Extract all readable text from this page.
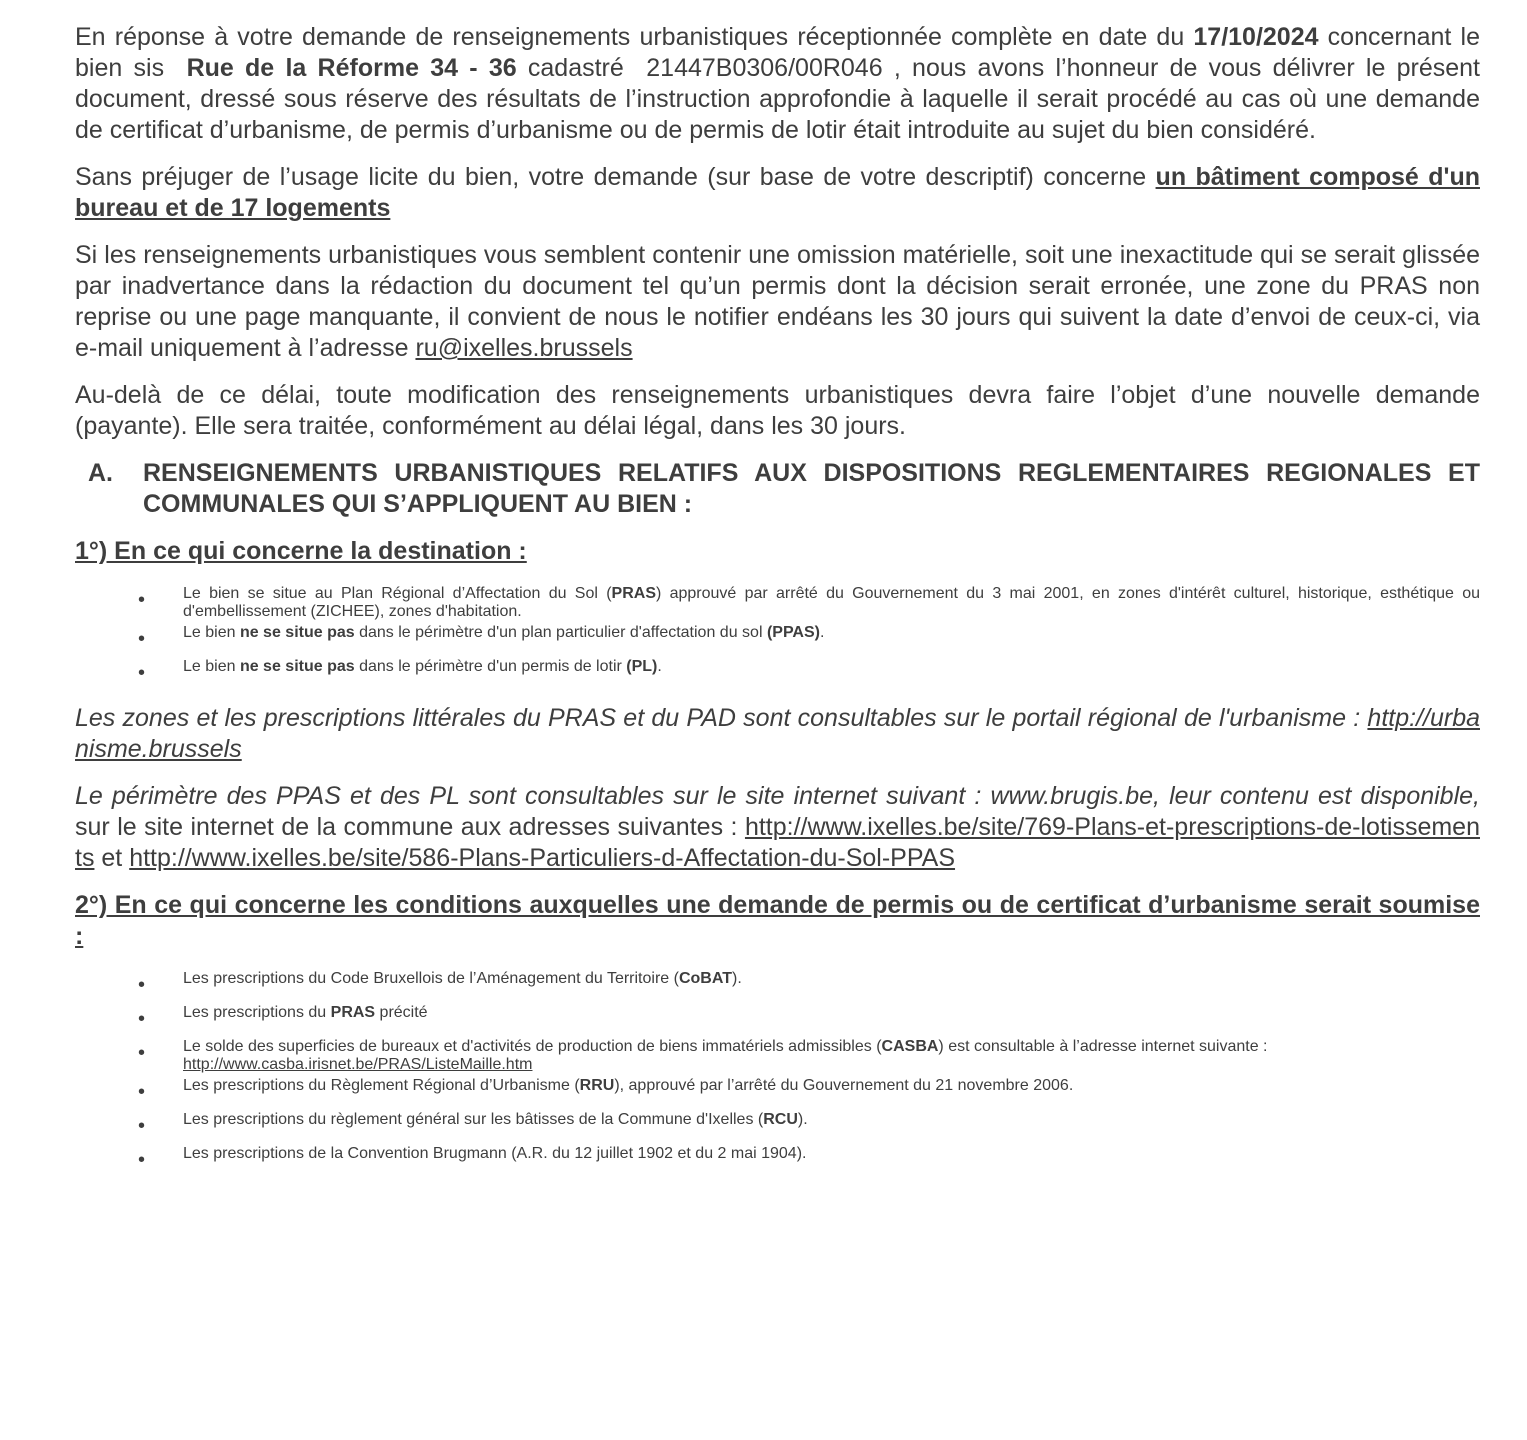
En réponse à votre demande de renseignements urbanistiques réceptionnée complète en date du 17/10/2024 concernant le bien sis  Rue de la Réforme 34 - 36 cadastré  21447B0306/00R046 , nous avons l’honneur de vous délivrer le présent document, dressé sous réserve des résultats de l’instruction approfondie à laquelle il serait procédé au cas où une demande de certificat d’urbanisme, de permis d’urbanisme ou de permis de lotir était introduite au sujet du bien considéré.

Sans préjuger de l’usage licite du bien, votre demande (sur base de votre descriptif) concerne un bâtiment composé d'un bureau et de 17 logements

Si les renseignements urbanistiques vous semblent contenir une omission matérielle, soit une inexactitude qui se serait glissée par inadvertance dans la rédaction du document tel qu’un permis dont la décision serait erronée, une zone du PRAS non reprise ou une page manquante, il convient de nous le notifier endéans les 30 jours qui suivent la date d’envoi de ceux-ci, via e-mail uniquement à l’adresse ru@ixelles.brussels

Au-delà de ce délai, toute modification des renseignements urbanistiques devra faire l’objet d’une nouvelle demande (payante). Elle sera traitée, conformément au délai légal, dans les 30 jours.

A.	RENSEIGNEMENTS URBANISTIQUES RELATIFS AUX DISPOSITIONS REGLEMENTAIRES REGIONALES ET COMMUNALES QUI S’APPLIQUENT AU BIEN :

1°) En ce qui concerne la destination :

•	Le bien se situe au Plan Régional d’Affectation du Sol (PRAS) approuvé par arrêté du Gouvernement du 3 mai 2001, en zones d'intérêt culturel, historique, esthétique ou d'embellissement (ZICHEE), zones d'habitation.
•	Le bien ne se situe pas dans le périmètre d'un plan particulier d'affectation du sol (PPAS).
•	Le bien ne se situe pas dans le périmètre d'un permis de lotir (PL).

Les zones et les prescriptions littérales du PRAS et du PAD sont consultables sur le portail régional de l'urbanisme : http://urbanisme.brussels

Le périmètre des PPAS et des PL sont consultables sur le site internet suivant : www.brugis.be, leur contenu est disponible, sur le site internet de la commune aux adresses suivantes : http://www.ixelles.be/site/769-Plans-et-prescriptions-de-lotissements et http://www.ixelles.be/site/586-Plans-Particuliers-d-Affectation-du-Sol-PPAS

2°) En ce qui concerne les conditions auxquelles une demande de permis ou de certificat d’urbanisme serait soumise :

•	Les prescriptions du Code Bruxellois de l’Aménagement du Territoire (CoBAT).
•	Les prescriptions du PRAS précité
•	Le solde des superficies de bureaux et d'activités de production de biens immatériels admissibles (CASBA) est consultable à l’adresse internet suivante :
http://www.casba.irisnet.be/PRAS/ListeMaille.htm
•	Les prescriptions du Règlement Régional d’Urbanisme (RRU), approuvé par l’arrêté du Gouvernement du 21 novembre 2006.
•	Les prescriptions du règlement général sur les bâtisses de la Commune d'Ixelles (RCU).
•	Les prescriptions de la Convention Brugmann (A.R. du 12 juillet 1902 et du 2 mai 1904).
